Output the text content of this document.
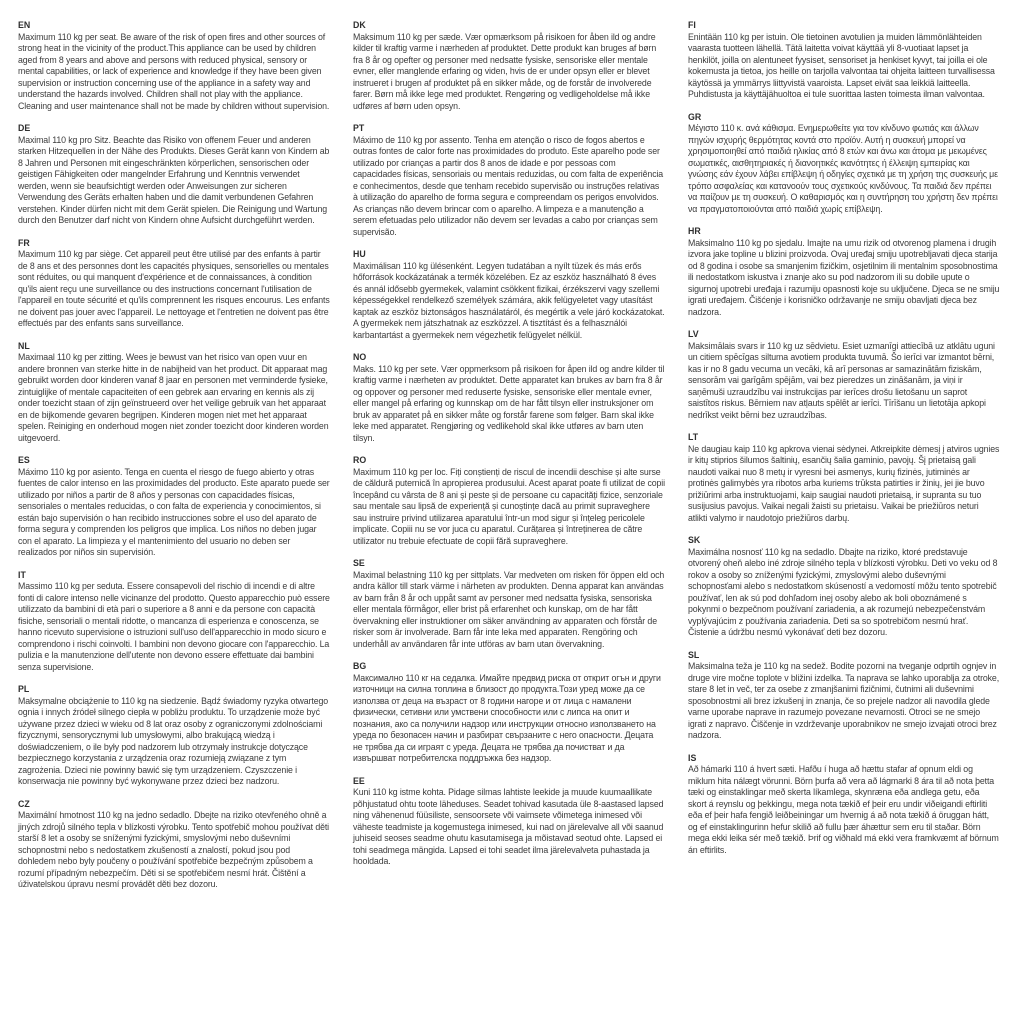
EN

Maximum 110 kg per seat. Be aware of the risk of open fires and other sources of strong heat in the vicinity of the product.This appliance can be used by children aged from 8 years and above and persons with reduced physical, sensory or mental capabilities, or lack of experience and knowledge if they have been given supervision or instruction concerning use of the appliance in a safety way and understand the hazards involved. Children shall not play with the appliance. Cleaning and user maintenance shall not be made by children without supervision.

DE

Maximal 110 kg pro Sitz. Beachte das Risiko von offenem Feuer und anderen starken Hitzequellen in der Nähe des Produkts. Dieses Gerät kann von Kindern ab 8 Jahren und Personen mit eingeschränkten körperlichen, sensorischen oder geistigen Fähigkeiten oder mangelnder Erfahrung und Kenntnis verwendet werden, wenn sie beaufsichtigt werden oder Anweisungen zur sicheren Verwendung des Geräts erhalten haben und die damit verbundenen Gefahren verstehen. Kinder dürfen nicht mit dem Gerät spielen. Die Reinigung und Wartung durch den Benutzer darf nicht von Kindern ohne Aufsicht durchgeführt werden.

FR

Maximum 110 kg par siège. Cet appareil peut être utilisé par des enfants à partir de 8 ans et des personnes dont les capacités physiques, sensorielles ou mentales sont réduites, ou qui manquent d'expérience et de connaissances, à condition qu'ils aient reçu une surveillance ou des instructions concernant l'utilisation de l'appareil en toute sécurité et qu'ils comprennent les risques encourus. Les enfants ne doivent pas jouer avec l'appareil. Le nettoyage et l'entretien ne doivent pas être effectués par des enfants sans surveillance.

NL

Maximaal 110 kg per zitting. Wees je bewust van het risico van open vuur en andere bronnen van sterke hitte in de nabijheid van het product. Dit apparaat mag gebruikt worden door kinderen vanaf 8 jaar en personen met verminderde fysieke, zintuiglijke of mentale capaciteiten of een gebrek aan ervaring en kennis als zij onder toezicht staan of zijn geïnstrueerd over het veilige gebruik van het apparaat en de bijkomende gevaren begrijpen. Kinderen mogen niet met het apparaat spelen. Reiniging en onderhoud mogen niet zonder toezicht door kinderen worden uitgevoerd.

ES

Máximo 110 kg por asiento. Tenga en cuenta el riesgo de fuego abierto y otras fuentes de calor intenso en las proximidades del producto. Este aparato puede ser utilizado por niños a partir de 8 años y personas con capacidades físicas, sensoriales o mentales reducidas, o con falta de experiencia y conocimientos, si están bajo supervisión o han recibido instrucciones sobre el uso del aparato de forma segura y comprenden los peligros que implica. Los niños no deben jugar con el aparato. La limpieza y el mantenimiento del usuario no deben ser realizados por niños sin supervisión.

IT

Massimo 110 kg per seduta. Essere consapevoli del rischio di incendi e di altre fonti di calore intenso nelle vicinanze del prodotto. Questo apparecchio può essere utilizzato da bambini di età pari o superiore a 8 anni e da persone con capacità fisiche, sensoriali o mentali ridotte, o mancanza di esperienza e conoscenza, se hanno ricevuto supervisione o istruzioni sull'uso dell'apparecchio in modo sicuro e comprendono i rischi coinvolti. I bambini non devono giocare con l'apparecchio. La pulizia e la manutenzione dell'utente non devono essere effettuate dai bambini senza supervisione.

PL

Maksymalne obciążenie to 110 kg na siedzenie. Bądź świadomy ryzyka otwartego ognia i innych źródeł silnego ciepła w pobliżu produktu. To urządzenie może być używane przez dzieci w wieku od 8 lat oraz osoby z ograniczonymi zdolnościami fizycznymi, sensorycznymi lub umysłowymi, albo brakującą wiedzą i doświadczeniem, o ile były pod nadzorem lub otrzymały instrukcje dotyczące bezpiecznego korzystania z urządzenia oraz rozumieją związane z tym zagrożenia. Dzieci nie powinny bawić się tym urządzeniem. Czyszczenie i konserwacja nie powinny być wykonywane przez dzieci bez nadzoru.

CZ

Maximální hmotnost 110 kg na jedno sedadlo. Dbejte na riziko otevřeného ohně a jiných zdrojů silného tepla v blízkosti výrobku. Tento spotřebič mohou používat děti starší 8 let a osoby se sníženými fyzickými, smyslovými nebo duševními schopnostmi nebo s nedostatkem zkušeností a znalostí, pokud jsou pod dohledem nebo byly poučeny o používání spotřebiče bezpečným způsobem a rozumí případným nebezpečím. Děti si se spotřebičem nesmí hrát. Čištění a úživatelskou úpravu nesmí provádět děti bez dozoru.

DK

Maksimum 110 kg per sæde. Vær opmærksom på risikoen for åben ild og andre kilder til kraftig varme i nærheden af produktet. Dette produkt kan bruges af børn fra 8 år og opefter og personer med nedsatte fysiske, sensoriske eller mentale evner, eller manglende erfaring og viden, hvis de er under opsyn eller er blevet instrueret i brugen af produktet på en sikker måde, og de forstår de involverede farer. Børn må ikke lege med produktet. Rengøring og vedligeholdelse må ikke udføres af børn uden opsyn.

PT

Máximo de 110 kg por assento. Tenha em atenção o risco de fogos abertos e outras fontes de calor forte nas proximidades do produto. Este aparelho pode ser utilizado por crianças a partir dos 8 anos de idade e por pessoas com capacidades físicas, sensoriais ou mentais reduzidas, ou com falta de experiência e conhecimentos, desde que tenham recebido supervisão ou instruções relativas à utilização do aparelho de forma segura e compreendam os perigos envolvidos. As crianças não devem brincar com o aparelho. A limpeza e a manutenção a serem efetuadas pelo utilizador não devem ser levadas a cabo por crianças sem supervisão.

HU

Maximálisan 110 kg ülésenként. Legyen tudatában a nyílt tüzek és más erős hőforrások kockázatának a termék közelében. Ez az eszköz használható 8 éves és annál idősebb gyermekek, valamint csökkent fizikai, érzékszervi vagy szellemi képességekkel rendelkező személyek számára, akik felügyeletet vagy utasítást kaptak az eszköz biztonságos használatáról, és megértik a vele járó kockázatokat. A gyermekek nem játszhatnak az eszközzel. A tisztítást és a felhasználói karbantartást a gyermekek nem végezhetik felügyelet nélkül.

NO

Maks. 110 kg per sete. Vær oppmerksom på risikoen for åpen ild og andre kilder til kraftig varme i nærheten av produktet. Dette apparatet kan brukes av barn fra 8 år og oppover og personer med reduserte fysiske, sensoriske eller mentale evner, eller mangel på erfaring og kunnskap om de har fått tilsyn eller instruksjoner om bruk av apparatet på en sikker måte og forstår farene som følger. Barn skal ikke leke med apparatet. Rengjøring og vedlikehold skal ikke utføres av barn uten tilsyn.

RO

Maximum 110 kg per loc. Fiți conștienți de riscul de incendii deschise și alte surse de căldură puternică în apropierea produsului. Acest aparat poate fi utilizat de copii începând cu vârsta de 8 ani și peste și de persoane cu capacități fizice, senzoriale sau mentale sau lipsă de experiență și cunoștințe dacă au primit supraveghere sau instruire privind utilizarea aparatului într-un mod sigur și înțeleg pericolele implicate. Copiii nu se vor juca cu aparatul. Curățarea și întreținerea de către utilizator nu trebuie efectuate de copii fără supraveghere.

SE

Maximal belastning 110 kg per sittplats. Var medveten om risken för öppen eld och andra källor till stark värme i närheten av produkten. Denna apparat kan användas av barn från 8 år och uppåt samt av personer med nedsatta fysiska, sensoriska eller mentala förmågor, eller brist på erfarenhet och kunskap, om de har fått övervakning eller instruktioner om säker användning av apparaten och förstår de risker som är involverade. Barn får inte leka med apparaten. Rengöring och underhåll av användaren får inte utföras av barn utan övervakning.

BG

Максимално 110 кг на седалка. Имайте предвид риска от открит огън и други източници на силна топлина в близост до продукта.Този уред може да се използва от деца на възраст от 8 години нагоре и от лица с намалени физически, сетивни или умствени способности или с липса на опит и познания, ако са получили надзор или инструкции относно използването на уреда по безопасен начин и разбират свързаните с него опасности. Децата не трябва да си играят с уреда. Децата не трябва да почистват и да извършват потребителска поддръжка без надзор.

EE

Kuni 110 kg istme kohta. Pidage silmas lahtiste leekide ja muude kuumaallikate põhjustatud ohtu toote läheduses. Seadet tohivad kasutada üle 8-aastased lapsed ning vähenenud füüsiliste, sensoorsete või vaimsete võimetega inimesed või väheste teadmiste ja kogemustega inimesed, kui nad on järelevalve all või saanud juhiseid seoses seadme ohutu kasutamisega ja mõistavad seotud ohte. Lapsed ei tohi seadmega mängida. Lapsed ei tohi seadet ilma järelevalveta puhastada ja hooldada.

FI

Enintään 110 kg per istuin. Ole tietoinen avotulien ja muiden lämmönlähteiden vaarasta tuotteen lähellä. Tätä laitetta voivat käyttää yli 8-vuotiaat lapset ja henkilöt, joilla on alentuneet fyysiset, sensoriset ja henkiset kyvyt, tai joilla ei ole kokemusta ja tietoa, jos heille on tarjolla valvontaa tai ohjeita laitteen turvallisessa käytössä ja ymmärrys liittyvistä vaaroista. Lapset eivät saa leikkiä laitteella. Puhdistusta ja käyttäjähuoltoa ei tule suorittaa lasten toimesta ilman valvontaa.

GR

Μέγιστο 110 κ. ανά κάθισμα. Ενημερωθείτε για τον κίνδυνο φωτιάς και άλλων πηγών ισχυρής θερμότητας κοντά στο προϊόν. Αυτή η συσκευή μπορεί να χρησιμοποιηθεί από παιδιά ηλικίας από 8 ετών και άνω και άτομα με μειωμένες σωματικές, αισθητηριακές ή διανοητικές ικανότητες ή έλλειψη εμπειρίας και γνώσης εάν έχουν λάβει επίβλεψη ή οδηγίες σχετικά με τη χρήση της συσκευής με τρόπο ασφαλείας και κατανοούν τους σχετικούς κινδύνους. Τα παιδιά δεν πρέπει να παίζουν με τη συσκευή. Ο καθαρισμός και η συντήρηση του χρήστη δεν πρέπει να πραγματοποιούνται από παιδιά χωρίς επίβλεψη.

HR

Maksimalno 110 kg po sjedalu. Imajte na umu rizik od otvorenog plamena i drugih izvora jake topline u blizini proizvoda. Ovaj uređaj smiju upotrebljavati djeca starija od 8 godina i osobe sa smanjenim fizičkim, osjetilnim ili mentalnim sposobnostima ili nedostatkom iskustva i znanje ako su pod nadzorom ili su dobile upute o sigurnoj upotrebi uređaja i razumiju opasnosti koje su uključene. Djeca se ne smiju igrati uređajem. Čišćenje i korisničko održavanje ne smiju obavljati djeca bez nadzora.

LV

Maksimālais svars ir 110 kg uz sēdvietu. Esiet uzmanīgi attiecībā uz atklātu uguni un citiem spēcīgas siltuma avotiem produkta tuvumā. Šo ierīci var izmantot bērni, kas ir no 8 gadu vecuma un vecāki, kā arī personas ar samazinātām fiziskām, sensorām vai garīgām spējām, vai bez pieredzes un zināšanām, ja viņi ir saņēmuši uzraudzību vai instrukcijas par ierīces drošu lietošanu un saprot saistītos riskus. Bērniem nav atļauts spēlēt ar ierīci. Tīrīšanu un lietotāja apkopi nedrīkst veikt bērni bez uzraudzības.

LT

Ne daugiau kaip 110 kg apkrova vienai sėdynei. Atkreipkite dėmesį į atviros ugnies ir kitų stiprios šilumos šaltinių, esančių šalia gaminio, pavojų. Šį prietaisą gali naudoti vaikai nuo 8 metų ir vyresni bei asmenys, kurių fizinės, jutiminės ar protinės galimybės yra ribotos arba kuriems trūksta patirties ir žinių, jei jie buvo prižiūrimi arba instruktuojami, kaip saugiai naudoti prietaisą, ir supranta su tuo susijusius pavojus. Vaikai negali žaisti su prietaisu. Vaikai be priežiūros neturi atlikti valymo ir naudotojo priežiūros darbų.

SK

Maximálna nosnosť 110 kg na sedadlo. Dbajte na riziko, ktoré predstavuje otvorený oheň alebo iné zdroje silného tepla v blízkosti výrobku. Deti vo veku od 8 rokov a osoby so zníženými fyzickými, zmyslovými alebo duševnými schopnosťami alebo s nedostatkom skúseností a vedomostí môžu tento spotrebič používať, len ak sú pod dohľadom inej osoby alebo ak boli oboznámené s pokynmi o bezpečnom používaní zariadenia, a ak rozumejú nebezpečenstvám vyplývajúcim z používania zariadenia. Deti sa so spotrebičom nesmú hrať. Čistenie a údržbu nesmú vykonávať deti bez dozoru.

SL

Maksimalna teža je 110 kg na sedež. Bodite pozorni na tveganje odprtih ognjev in druge vire močne toplote v bližini izdelka. Ta naprava se lahko uporablja za otroke, stare 8 let in več, ter za osebe z zmanjšanimi fizičnimi, čutnimi ali duševnimi sposobnostmi ali brez izkušenj in znanja, če so prejele nadzor ali navodila glede varne uporabe naprave in razumejo povezane nevarnosti. Otroci se ne smejo igrati z napravo. Čiščenje in vzdrževanje uporabnikov ne smejo izvajati otroci brez nadzora.

IS

Að hámarki 110 á hvert sæti. Hafðu í huga að hættu stafar af opnum eldi og miklum hita nálægt vörunni. Börn þurfa að vera að lágmarki 8 ára til að nota þetta tæki og einstaklingar með skerta líkamlega, skynræna eða andlega getu, eða skort á reynslu og þekkingu, mega nota tækið ef þeir eru undir viðeigandi eftirliti eða ef þeir hafa fengið leiðbeiningar um hvernig á að nota tækið á öruggan hátt, og ef einstaklingurinn hefur skilið að fullu þær áhættur sem eru til staðar. Börn mega ekki leika sér með tækið. Þrif og viðhald má ekki vera framkvæmt af börnum án eftirlits.
